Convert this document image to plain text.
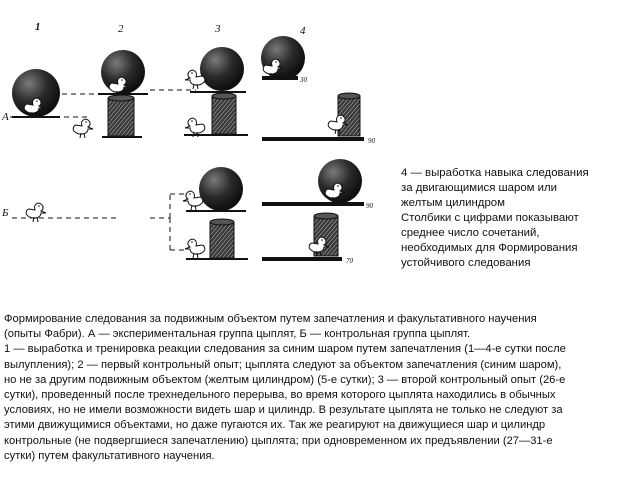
1	2	3	4
А
Б
30
90
90
70
4 — выработка навыка следования
за двигающимися шаром или
желтым цилиндром
Столбики с цифрами показывают
среднее число сочетаний,
необходимых для Формирования
устойчивого следования
Формирование следования за подвижным объектом путем запечатления и факультативного научения
(опыты Фабри). А — экспериментальная группа цыплят, Б — контрольная группа цыплят.
1 — выработка и тренировка реакции следования за синим шаром путем запечатления (1—4-е сутки после
вылупления); 2 — первый контрольный опыт; цыплята следуют за объектом запечатления (синим шаром),
но не за другим подвижным объектом (желтым цилиндром) (5-е сутки); 3 — второй контрольный опыт (26-е
сутки), проведенный после трехнедельного перерыва, во время которого цыплята находились в обычных
условиях, но не имели возможности видеть шар и цилиндр. В результате цыплята не только не следуют за
этими движущимися объектами, но даже пугаются их. Так же реагируют на движущиеся шар и цилиндр
контрольные (не подвергшиеся запечатлению) цыплята; при одновременном их предъявлении (27—31-е
сутки) путем факультативного научения.
